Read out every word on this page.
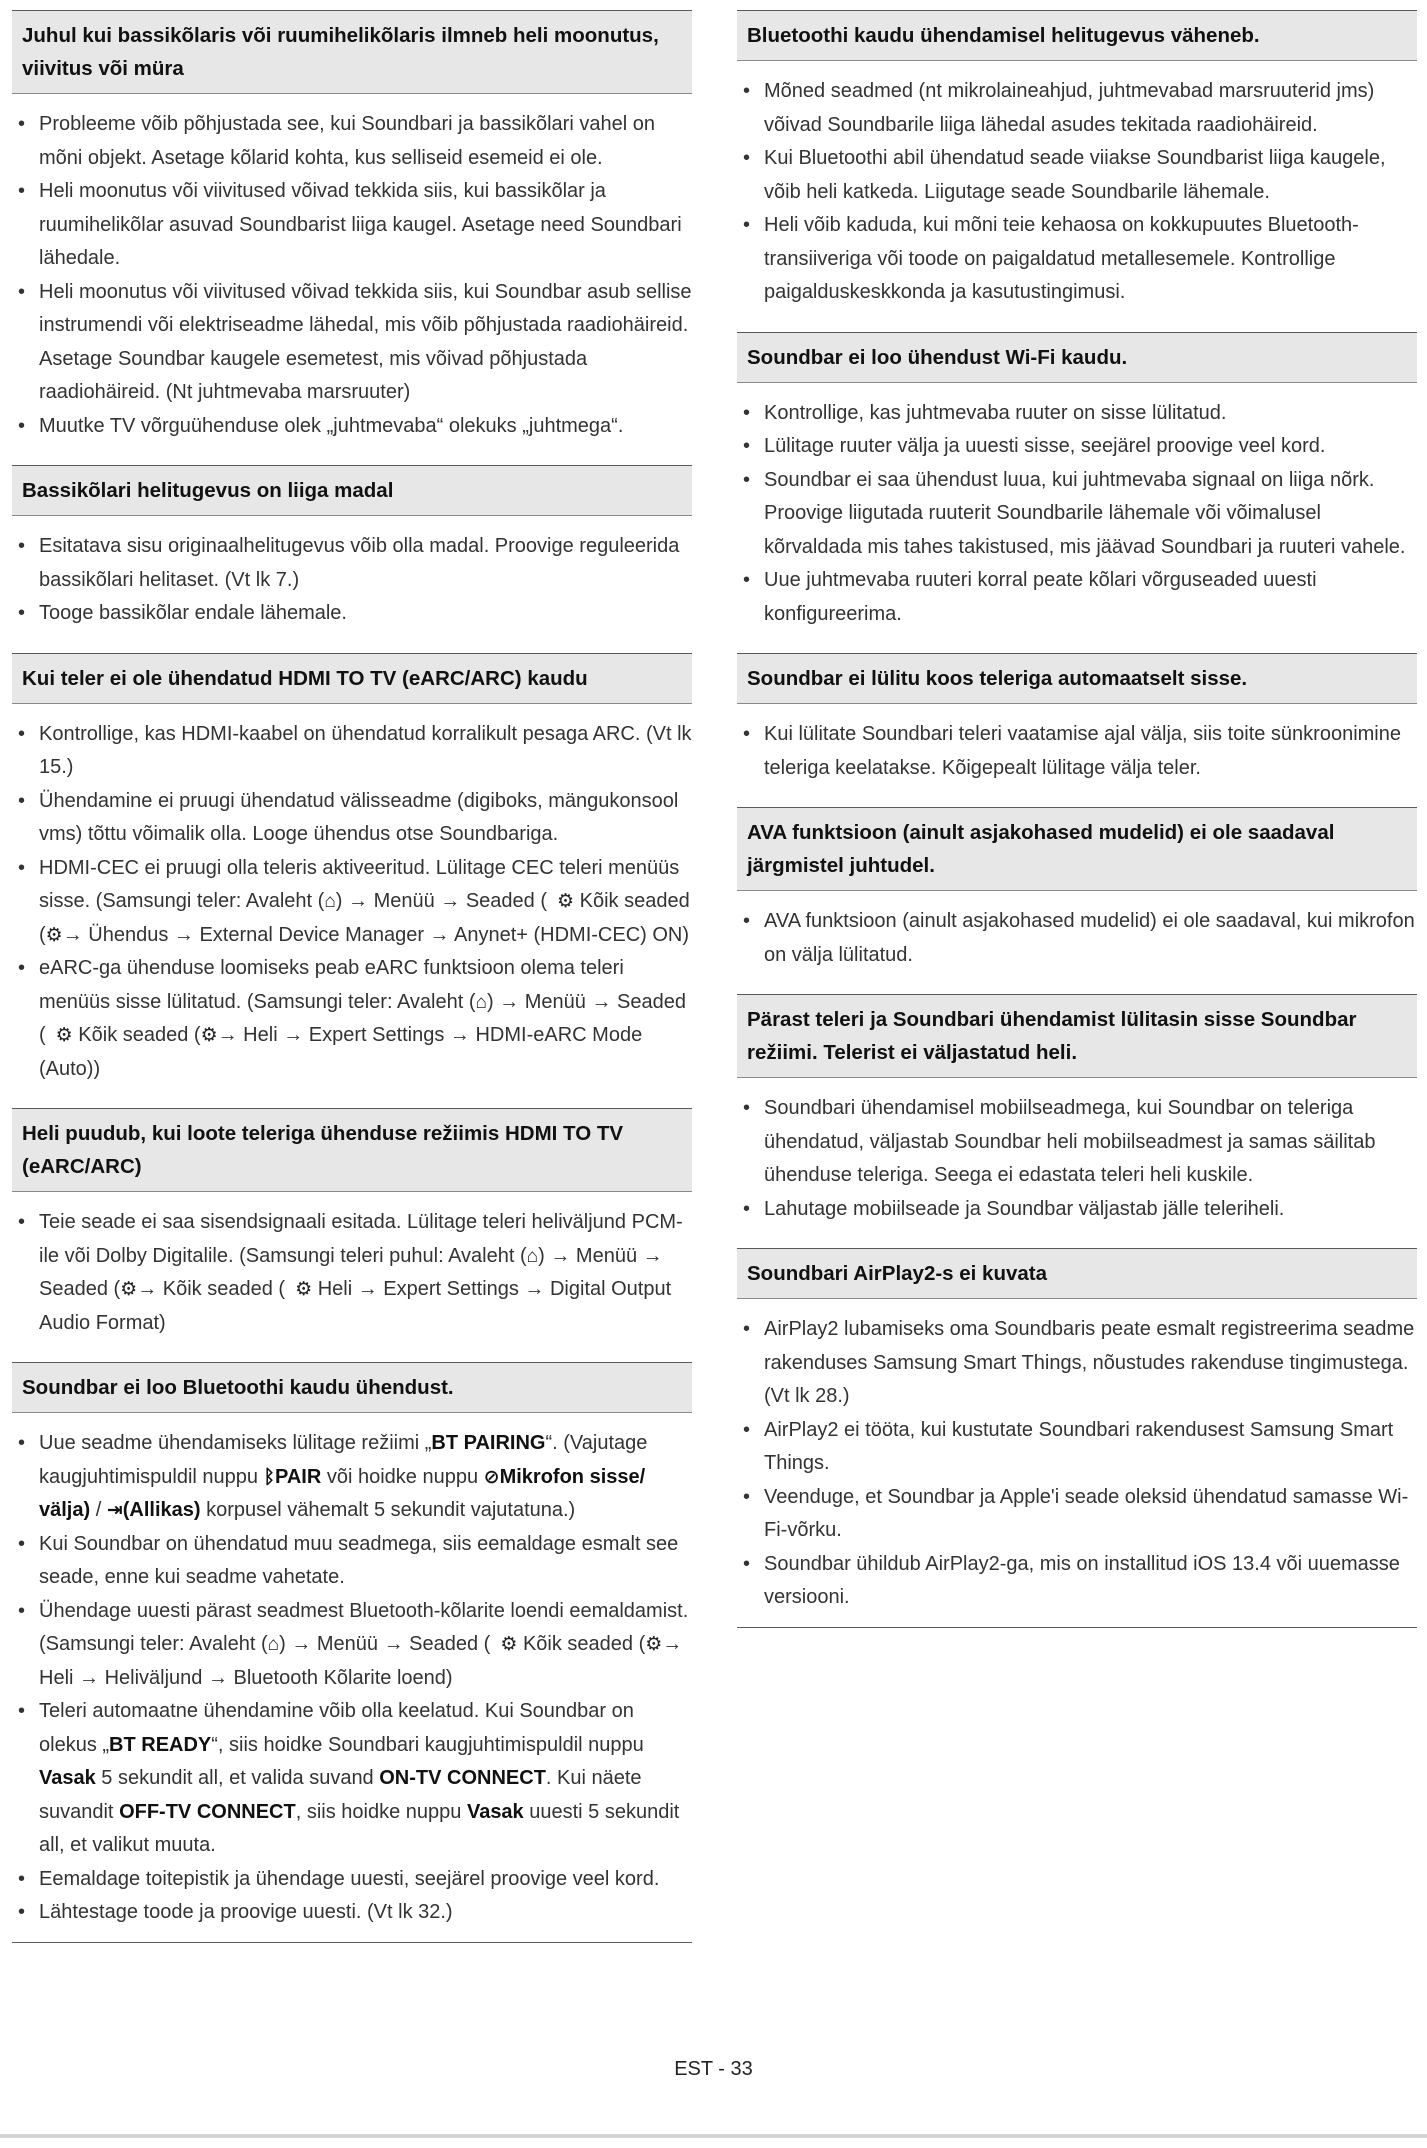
Juhul kui bassikõlaris või ruumihelikõlaris ilmneb heli moonutus, viivitus või müra
• Probleeme võib põhjustada see, kui Soundbari ja bassikõlari vahel on mõni objekt. Asetage kõlarid kohta, kus selliseid esemeid ei ole.
• Heli moonutus või viivitused võivad tekkida siis, kui bassikõlar ja ruumihelikõlar asuvad Soundbarist liiga kaugel. Asetage need Soundbari lähedale.
• Heli moonutus või viivitused võivad tekkida siis, kui Soundbar asub sellise instrumendi või elektriseadme lähedal, mis võib põhjustada raadiohäireid. Asetage Soundbar kaugele esemetest, mis võivad põhjustada raadiohäireid. (Nt juhtmevaba marsruuter)
• Muutke TV võrguühenduse olek „juhtmevaba“ olekuks „juhtmega“.
Bassikõlari helitugevus on liiga madal
• Esitatava sisu originaalhelitugevus võib olla madal. Proovige reguleerida bassikõlari helitaset. (Vt lk 7.)
• Tooge bassikõlar endale lähemale.
Kui teler ei ole ühendatud HDMI TO TV (eARC/ARC) kaudu
• Kontrollige, kas HDMI-kaabel on ühendatud korralikult pesaga ARC. (Vt lk 15.)
• Ühendamine ei pruugi ühendatud välisseadme (digiboks, mängukonsool vms) tõttu võimalik olla. Looge ühendus otse Soundbariga.
• HDMI-CEC ei pruugi olla teleris aktiveeritud. Lülitage CEC teleri menüüs sisse. (Samsungi teler: Avaleht (⌂) → Menüü → Seaded ( ⚙ Kõik seaded (⚙→ Ühendus → External Device Manager → Anynet+ (HDMI-CEC) ON)
• eARC-ga ühenduse loomiseks peab eARC funktsioon olema teleri menüüs sisse lülitatud. (Samsungi teler: Avaleht (⌂) → Menüü → Seaded ( ⚙ Kõik seaded (⚙→ Heli → Expert Settings → HDMI-eARC Mode (Auto))
Heli puudub, kui loote teleriga ühenduse režiimis HDMI TO TV (eARC/ARC)
• Teie seade ei saa sisendsignaali esitada. Lülitage teleri heliväljund PCM-ile või Dolby Digitalile. (Samsungi teleri puhul: Avaleht (⌂) → Menüü → Seaded (⚙→ Kõik seaded ( ⚙ Heli → Expert Settings → Digital Output Audio Format)
Soundbar ei loo Bluetoothi kaudu ühendust.
• Uue seadme ühendamiseks lülitage režiimi „BT PAIRING“. (Vajutage kaugjuhtimispuldil nuppu ᛒPAIR või hoidke nuppu ⊘Mikrofon sisse/ välja) / ⇥(Allikas) korpusel vähemalt 5 sekundit vajutatuna.)
• Kui Soundbar on ühendatud muu seadmega, siis eemaldage esmalt see seade, enne kui seadme vahetate.
• Ühendage uuesti pärast seadmest Bluetooth-kõlarite loendi eemaldamist. (Samsungi teler: Avaleht (⌂) → Menüü → Seaded ( ⚙ Kõik seaded (⚙→ Heli → Heliväljund → Bluetooth Kõlarite loend)
• Teleri automaatne ühendamine võib olla keelatud. Kui Soundbar on olekus „BT READY“, siis hoidke Soundbari kaugjuhtimispuldil nuppu Vasak 5 sekundit all, et valida suvand ON-TV CONNECT. Kui näete suvandit OFF-TV CONNECT, siis hoidke nuppu Vasak uuesti 5 sekundit all, et valikut muuta.
• Eemaldage toitepistik ja ühendage uuesti, seejärel proovige veel kord.
• Lähtestage toode ja proovige uuesti. (Vt lk 32.)
Bluetoothi kaudu ühendamisel helitugevus väheneb.
• Mõned seadmed (nt mikrolaineahjud, juhtmevabad marsruuterid jms) võivad Soundbarile liiga lähedal asudes tekitada raadiohäireid.
• Kui Bluetoothi abil ühendatud seade viiakse Soundbarist liiga kaugele, võib heli katkeda. Liigutage seade Soundbarile lähemale.
• Heli võib kaduda, kui mõni teie kehaosa on kokkupuutes Bluetooth-transiiveriga või toode on paigaldatud metallesemele. Kontrollige paigalduskeskkonda ja kasutustingimusi.
Soundbar ei loo ühendust Wi-Fi kaudu.
• Kontrollige, kas juhtmevaba ruuter on sisse lülitatud.
• Lülitage ruuter välja ja uuesti sisse, seejärel proovige veel kord.
• Soundbar ei saa ühendust luua, kui juhtmevaba signaal on liiga nõrk. Proovige liigutada ruuterit Soundbarile lähemale või võimalusel kõrvaldada mis tahes takistused, mis jäävad Soundbari ja ruuteri vahele.
• Uue juhtmevaba ruuteri korral peate kõlari võrguseaded uuesti konfigureerima.
Soundbar ei lülitu koos teleriga automaatselt sisse.
• Kui lülitate Soundbari teleri vaatamise ajal välja, siis toite sünkroonimine teleriga keelatakse. Kõigepealt lülitage välja teler.
AVA funktsioon (ainult asjakohased mudelid) ei ole saadaval järgmistel juhtudel.
• AVA funktsioon (ainult asjakohased mudelid) ei ole saadaval, kui mikrofon on välja lülitatud.
Pärast teleri ja Soundbari ühendamist lülitasin sisse Soundbar režiimi. Telerist ei väljastatud heli.
• Soundbari ühendamisel mobiilseadmega, kui Soundbar on teleriga ühendatud, väljastab Soundbar heli mobiilseadmest ja samas säilitab ühenduse teleriga. Seega ei edastata teleri heli kuskile.
• Lahutage mobiilseade ja Soundbar väljastab jälle teleriheli.
Soundbari AirPlay2-s ei kuvata
• AirPlay2 lubamiseks oma Soundbaris peate esmalt registreerima seadme rakenduses Samsung Smart Things, nõustudes rakenduse tingimustega. (Vt lk 28.)
• AirPlay2 ei tööta, kui kustutate Soundbari rakendusest Samsung Smart Things.
• Veenduge, et Soundbar ja Apple'i seade oleksid ühendatud samasse Wi-Fi-võrku.
• Soundbar ühildub AirPlay2-ga, mis on installitud iOS 13.4 või uuemasse versiooni.
EST - 33
